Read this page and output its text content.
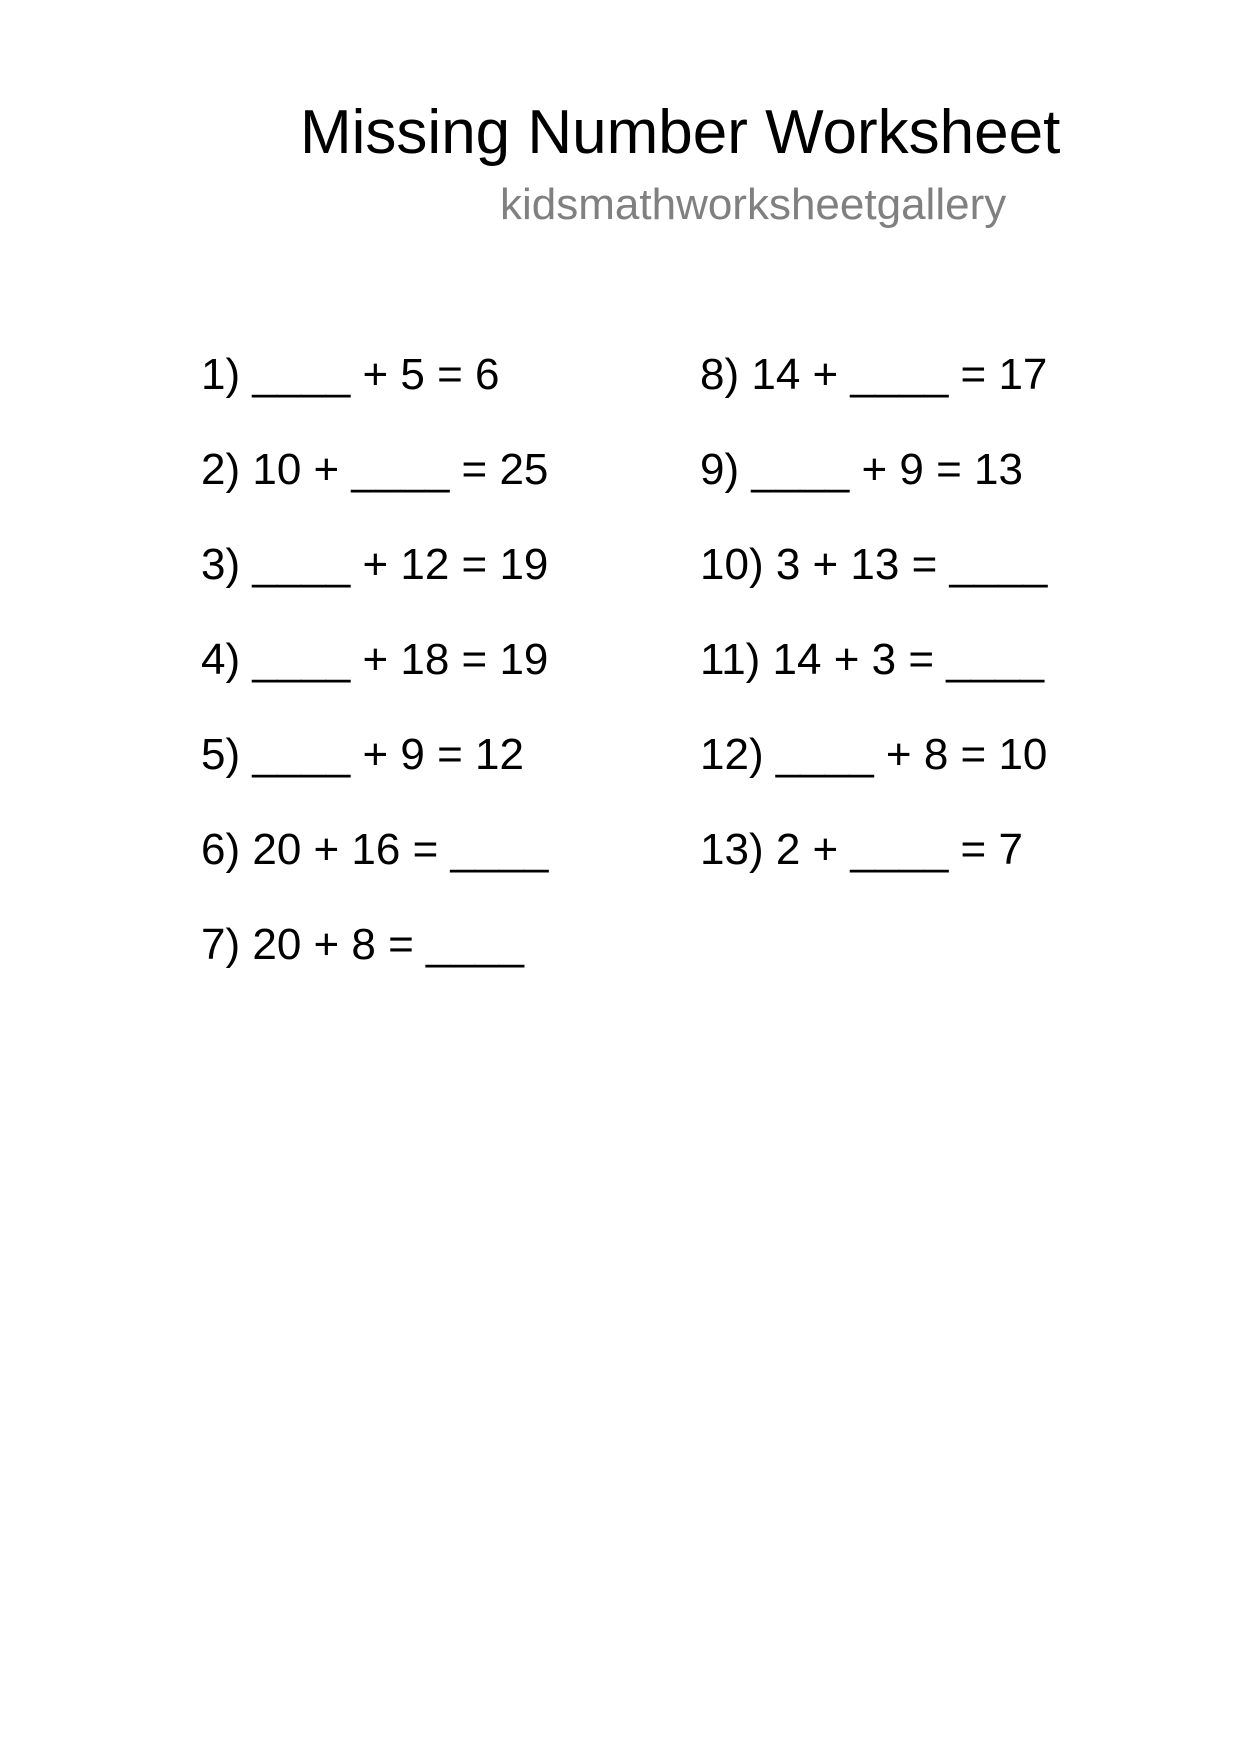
Missing Number Worksheet
kidsmathworksheetgallery
1) ____ + 5 = 6
2) 10 + ____ = 25
3) ____ + 12 = 19
4) ____ + 18 = 19
5) ____ + 9 = 12
6) 20 + 16 = ____
7) 20 + 8 = ____
8) 14 + ____ = 17
9) ____ + 9 = 13
10) 3 + 13 = ____
11) 14 + 3 = ____
12) ____ + 8 = 10
13) 2 + ____ = 7
